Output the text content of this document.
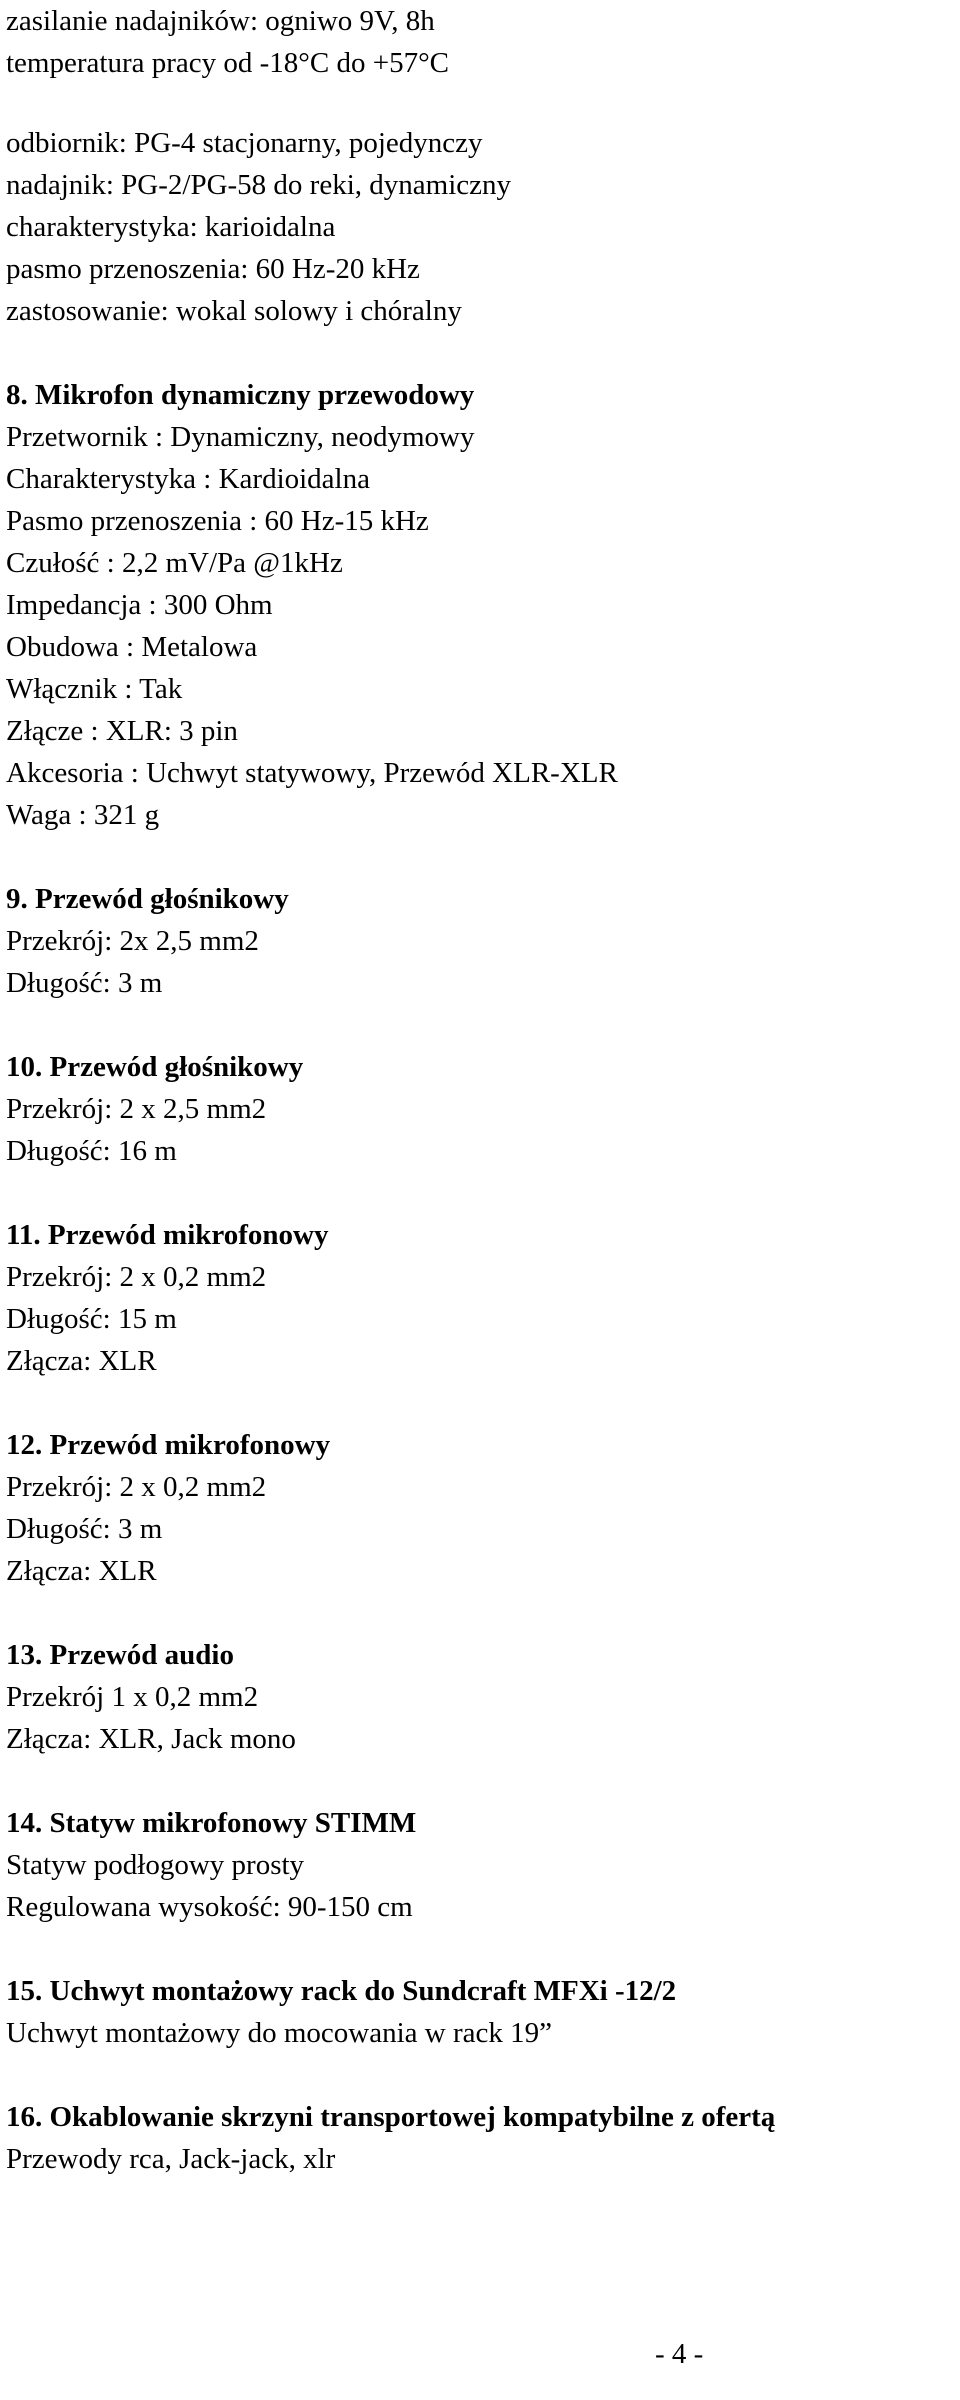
zasilanie nadajników: ogniwo 9V, 8h
temperatura pracy od -18°C do +57°C
odbiornik: PG-4 stacjonarny, pojedynczy
nadajnik: PG-2/PG-58 do reki, dynamiczny
charakterystyka: karioidalna
pasmo przenoszenia: 60 Hz-20 kHz
zastosowanie: wokal solowy i chóralny
8. Mikrofon dynamiczny przewodowy
Przetwornik : Dynamiczny, neodymowy
Charakterystyka : Kardioidalna
Pasmo przenoszenia : 60 Hz-15 kHz
Czułość : 2,2 mV/Pa @1kHz
Impedancja : 300 Ohm
Obudowa : Metalowa
Włącznik : Tak
Złącze : XLR: 3 pin
Akcesoria : Uchwyt statywowy, Przewód XLR-XLR
Waga : 321 g
9. Przewód głośnikowy
Przekrój: 2x 2,5 mm2
Długość: 3 m
10. Przewód głośnikowy
Przekrój: 2 x 2,5 mm2
Długość: 16 m
11. Przewód mikrofonowy
Przekrój: 2 x 0,2 mm2
Długość: 15 m
Złącza: XLR
12. Przewód mikrofonowy
Przekrój: 2 x 0,2 mm2
Długość: 3 m
Złącza: XLR
13. Przewód audio
Przekrój 1 x 0,2 mm2
Złącza: XLR, Jack mono
14. Statyw mikrofonowy STIMM
Statyw podłogowy prosty
Regulowana wysokość: 90-150 cm
15. Uchwyt montażowy rack do Sundcraft MFXi -12/2
Uchwyt montażowy do mocowania w rack 19”
16. Okablowanie skrzyni transportowej kompatybilne z ofertą
Przewody rca, Jack-jack, xlr
- 4 -
